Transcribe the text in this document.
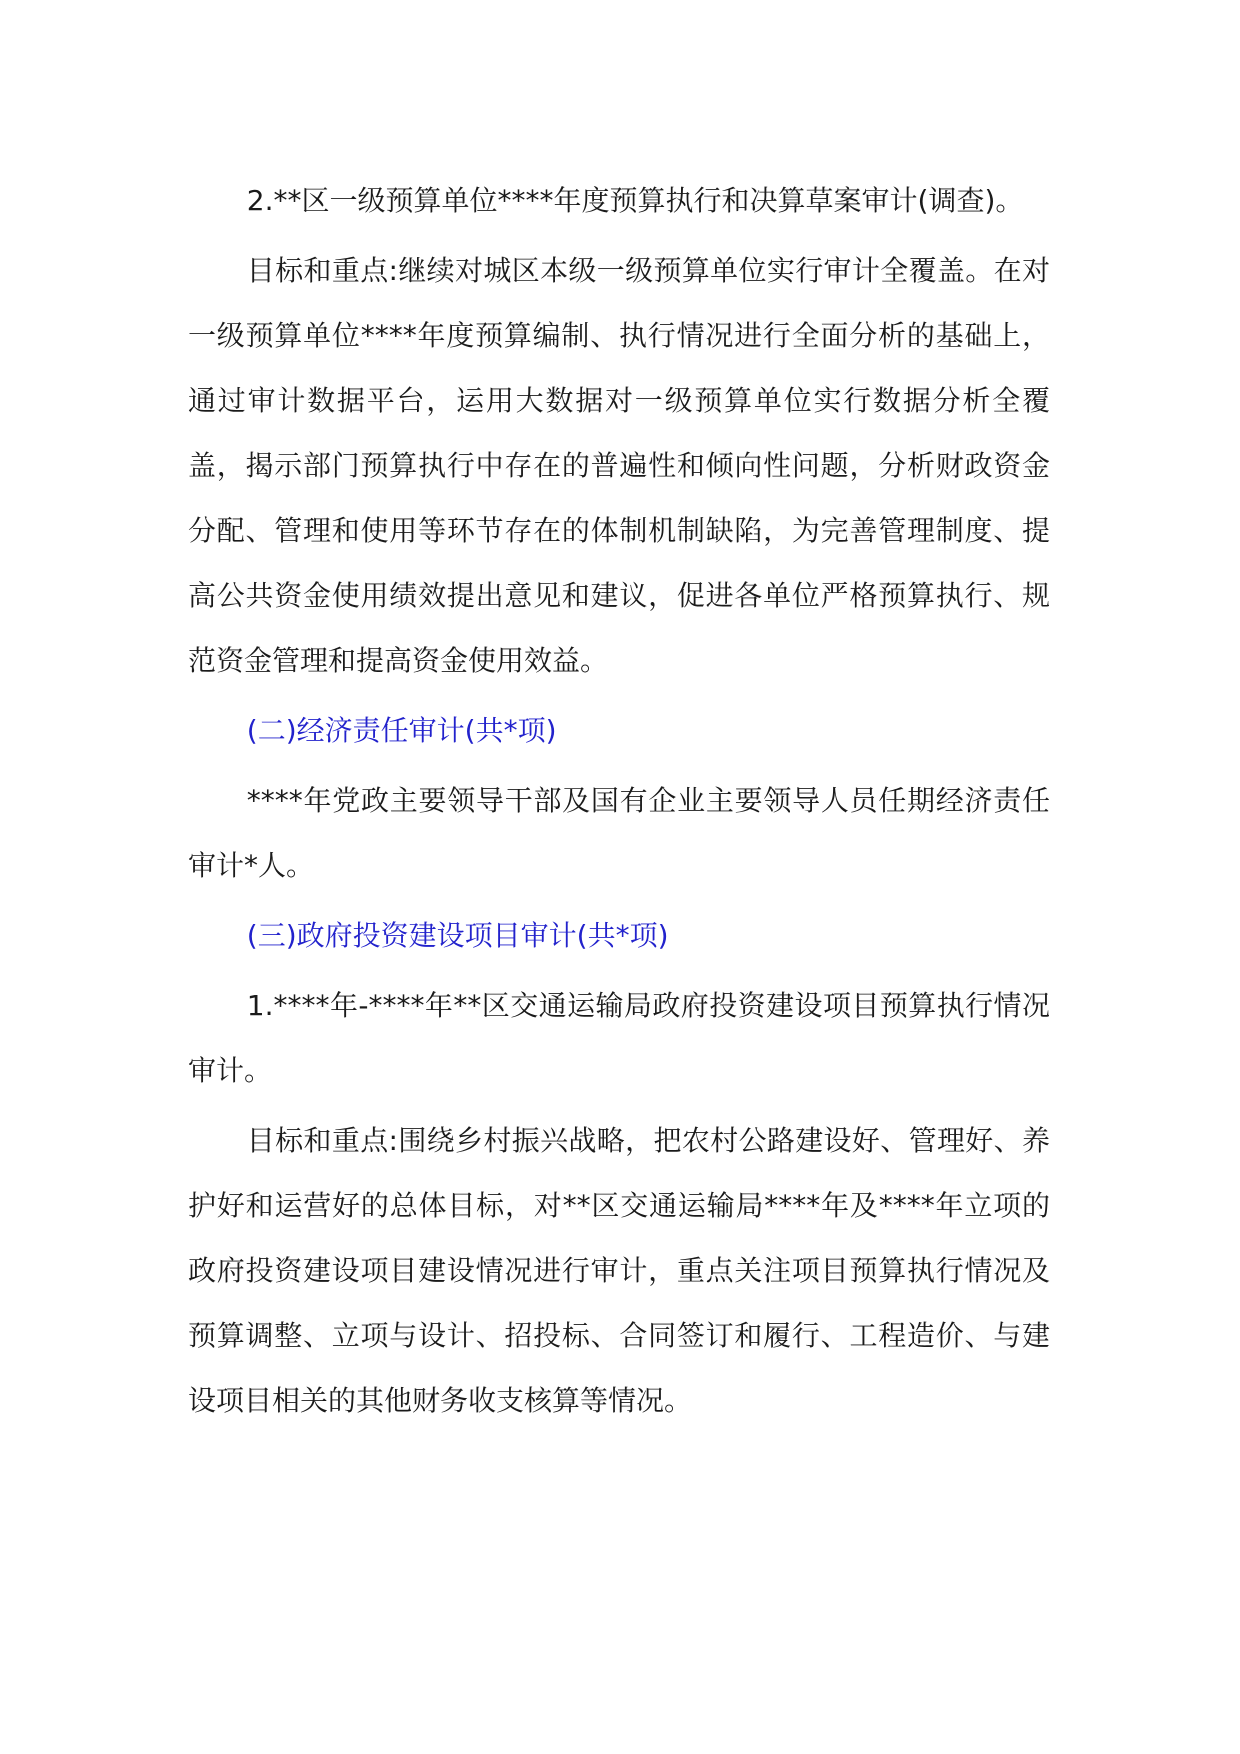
2.**区一级预算单位****年度预算执行和决算草案审计(调查)。

目标和重点:继续对城区本级一级预算单位实行审计全覆盖。在对一级预算单位****年度预算编制、执行情况进行全面分析的基础上，通过审计数据平台，运用大数据对一级预算单位实行数据分析全覆盖，揭示部门预算执行中存在的普遍性和倾向性问题，分析财政资金分配、管理和使用等环节存在的体制机制缺陷，为完善管理制度、提高公共资金使用绩效提出意见和建议，促进各单位严格预算执行、规范资金管理和提高资金使用效益。

(二)经济责任审计(共*项)

****年党政主要领导干部及国有企业主要领导人员任期经济责任审计*人。

(三)政府投资建设项目审计(共*项)

1.****年-****年**区交通运输局政府投资建设项目预算执行情况审计。

目标和重点:围绕乡村振兴战略，把农村公路建设好、管理好、养护好和运营好的总体目标，对**区交通运输局****年及****年立项的政府投资建设项目建设情况进行审计，重点关注项目预算执行情况及预算调整、立项与设计、招投标、合同签订和履行、工程造价、与建设项目相关的其他财务收支核算等情况。
